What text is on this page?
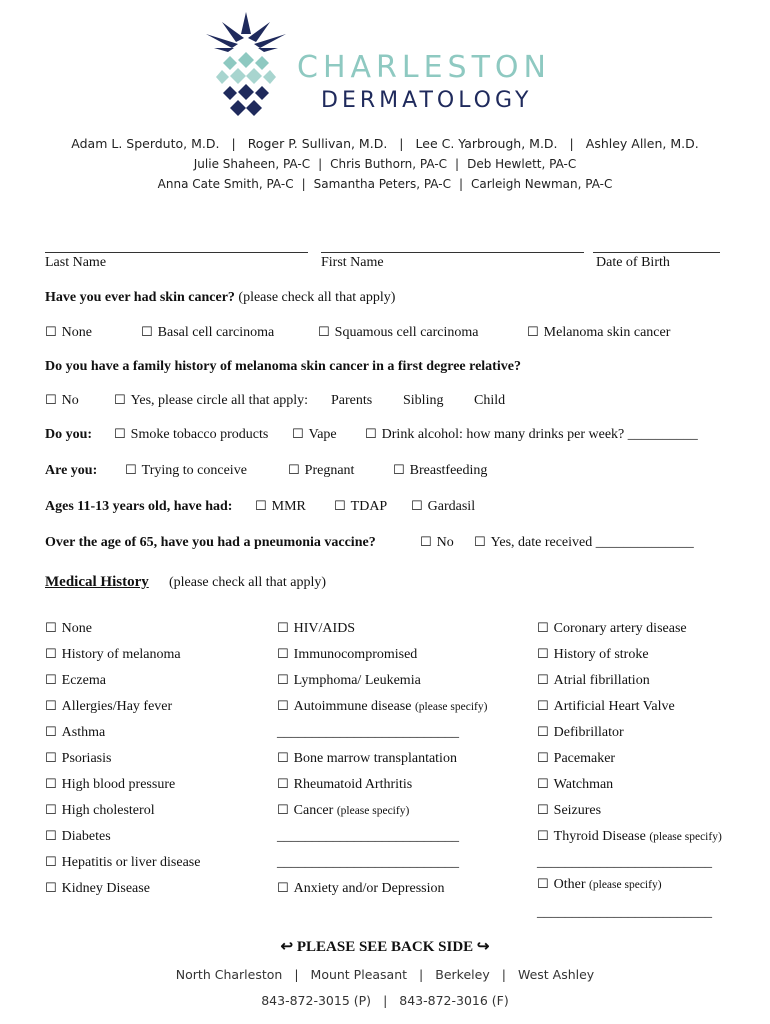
CHARLESTON
DERMATOLOGY
Adam L. Sperduto, M.D. | Roger P. Sullivan, M.D. | Lee C. Yarbrough, M.D. | Ashley Allen, M.D.
Julie Shaheen, PA-C | Chris Buthorn, PA-C | Deb Hewlett, PA-C
Anna Cate Smith, PA-C | Samantha Peters, PA-C | Carleigh Newman, PA-C
Last Name	First Name	Date of Birth
Have you ever had skin cancer? (please check all that apply)
☐ None	☐ Basal cell carcinoma	☐ Squamous cell carcinoma	☐ Melanoma skin cancer
Do you have a family history of melanoma skin cancer in a first degree relative?
☐ No	☐ Yes, please circle all that apply: Parents Sibling Child
Do you: ☐ Smoke tobacco products ☐ Vape ☐ Drink alcohol: how many drinks per week? __________
Are you: ☐ Trying to conceive	☐ Pregnant	☐ Breastfeeding
Ages 11-13 years old, have had: ☐ MMR ☐ TDAP ☐ Gardasil
Over the age of 65, have you had a pneumonia vaccine?	☐ No ☐ Yes, date received ______________
Medical History (please check all that apply)
☐ None
☐ History of melanoma
☐ Eczema
☐ Allergies/Hay fever
☐ Asthma
☐ Psoriasis
☐ High blood pressure
☐ High cholesterol
☐ Diabetes
☐ Hepatitis or liver disease
☐ Kidney Disease
☐ HIV/AIDS
☐ Immunocompromised
☐ Lymphoma/ Leukemia
☐ Autoimmune disease (please specify)
__________________________
☐ Bone marrow transplantation
☐ Rheumatoid Arthritis
☐ Cancer (please specify)
__________________________
__________________________
☐ Anxiety and/or Depression
☐ Coronary artery disease
☐ History of stroke
☐ Atrial fibrillation
☐ Artificial Heart Valve
☐ Defibrillator
☐ Pacemaker
☐ Watchman
☐ Seizures
☐ Thyroid Disease (please specify)
_________________________
☐ Other (please specify)
_________________________
↩ PLEASE SEE BACK SIDE ↪
North Charleston | Mount Pleasant | Berkeley | West Ashley
843-872-3015 (P) | 843-872-3016 (F)
